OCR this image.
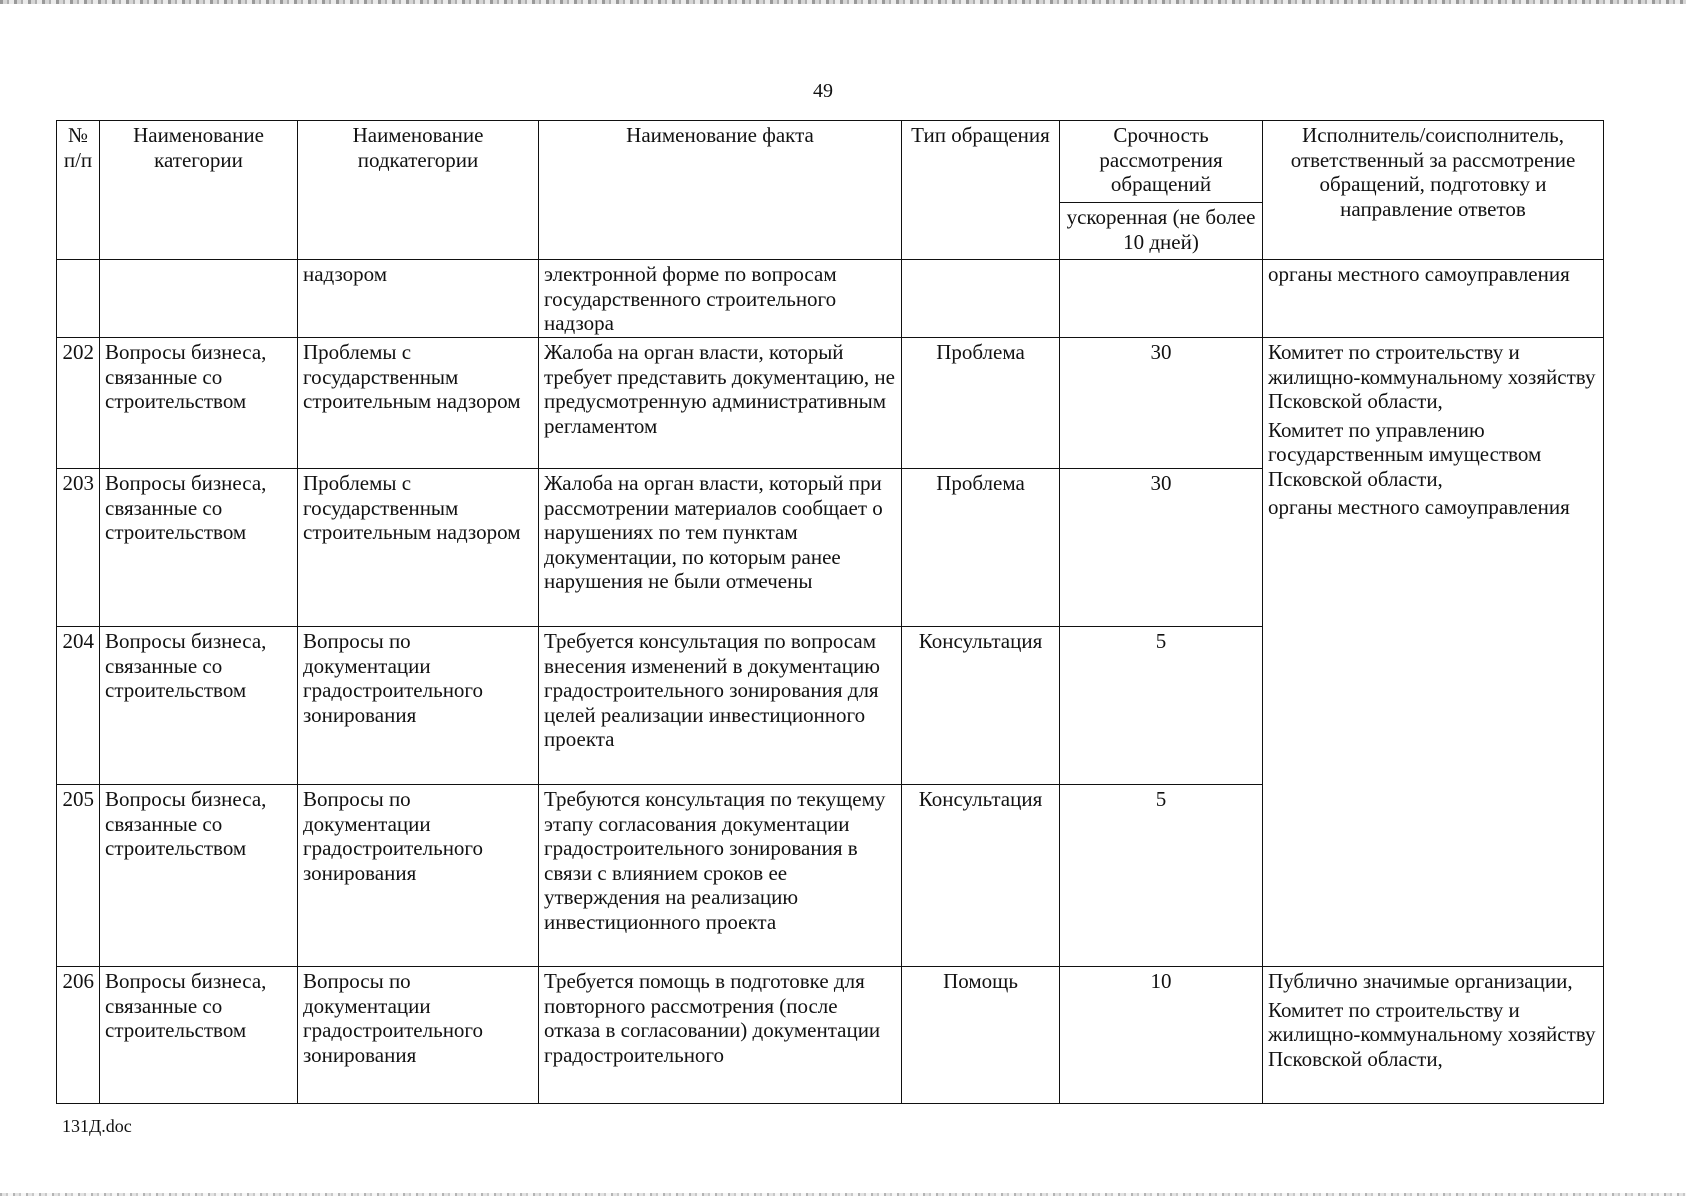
49
№ п/п	Наименование категории	Наименование подкатегории	Наименование факта	Тип обращения	Срочность рассмотрения обращений	Исполнитель/соисполнитель, ответственный за рассмотрение обращений, подготовку и направление ответов
					ускоренная (не более 10 дней)	
		надзором	электронной форме по вопросам государственного строительного надзора			органы местного самоуправления
202	Вопросы бизнеса, связанные со строительством	Проблемы с государственным строительным надзором	Жалоба на орган власти, который требует представить документацию, не предусмотренную административным регламентом	Проблема	30	Комитет по строительству и жилищно-коммунальному хозяйству Псковской области,
Комитет по управлению государственным имуществом Псковской области,
органы местного самоуправления

203	Вопросы бизнеса, связанные со строительством	Проблемы с государственным строительным надзором	Жалоба на орган власти, который при рассмотрении материалов сообщает о нарушениях по тем пунктам документации, по которым ранее нарушения не были отмечены	Проблема	30	
204	Вопросы бизнеса, связанные со строительством	Вопросы по документации градостроительного зонирования	Требуется консультация по вопросам внесения изменений в документацию градостроительного зонирования для целей реализации инвестиционного проекта	Консультация	5	
205	Вопросы бизнеса, связанные со строительством	Вопросы по документации градостроительного зонирования	Требуются консультация по текущему этапу согласования документации градостроительного зонирования в связи с влиянием сроков ее утверждения на реализацию инвестиционного проекта	Консультация	5	
206	Вопросы бизнеса, связанные со строительством	Вопросы по документации градостроительного зонирования	Требуется помощь в подготовке для повторного рассмотрения (после отказа в согласовании) документации градостроительного	Помощь	10	Публично значимые организации,
Комитет по строительству и жилищно-коммунальному хозяйству Псковской области,
131Д.doc
